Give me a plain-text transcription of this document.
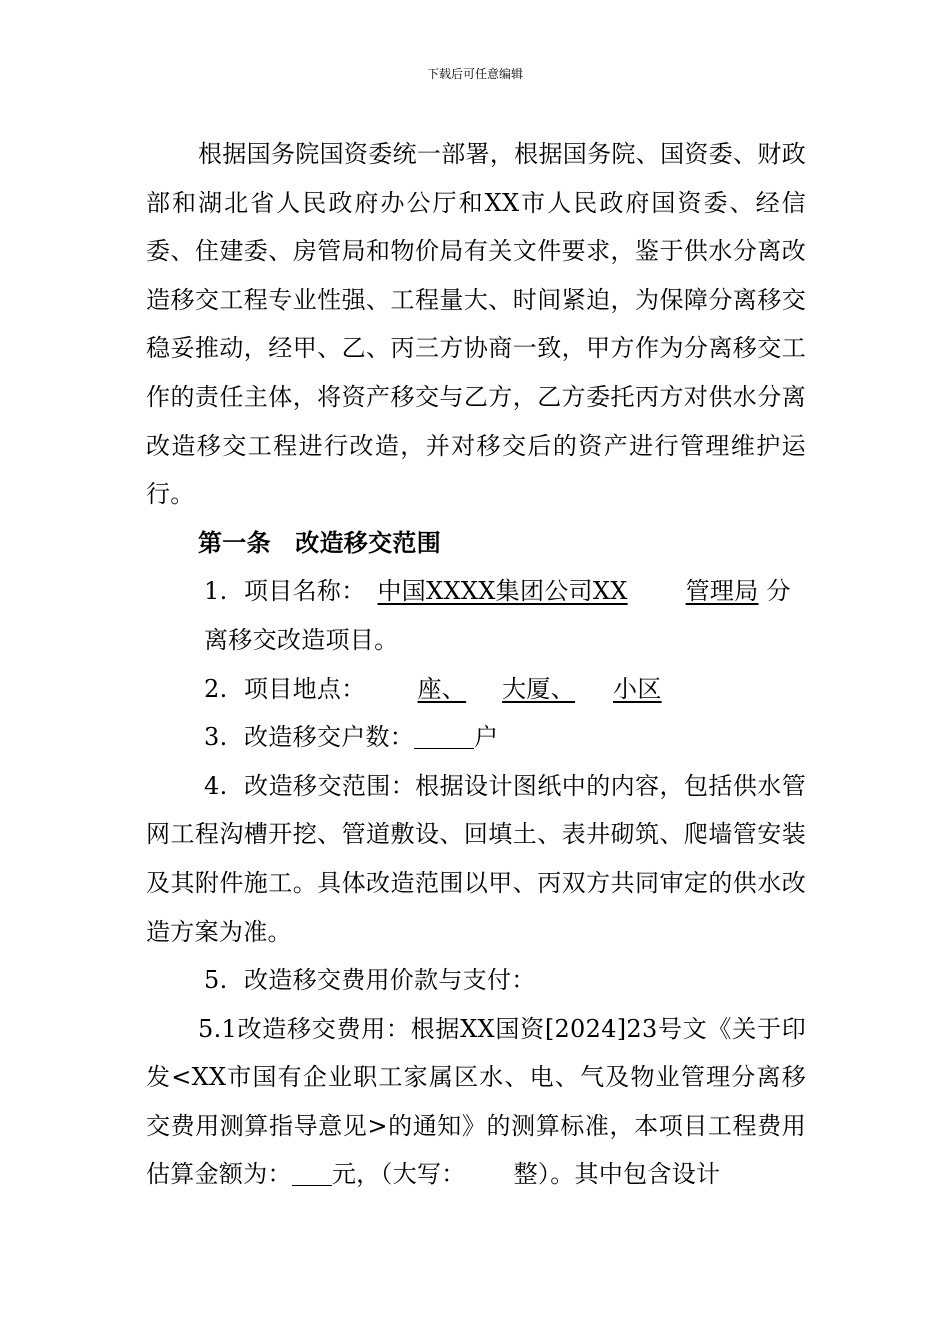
下载后可任意编辑

根据国务院国资委统一部署，根据国务院、国资委、财政部和湖北省人民政府办公厅和XX市人民政府国资委、经信委、住建委、房管局和物价局有关文件要求，鉴于供水分离改造移交工程专业性强、工程量大、时间紧迫，为保障分离移交稳妥推动，经甲、乙、丙三方协商一致，甲方作为分离移交工作的责任主体，将资产移交与乙方，乙方委托丙方对供水分离改造移交工程进行改造，并对移交后的资产进行管理维护运行。

第一条　改造移交范围

1. 项目名称： 中国XXXX集团公司XX 管理局 分离移交改造项目。

2. 项目地点： 座、 大厦、 小区

3. 改造移交户数：	户

4. 改造移交范围：根据设计图纸中的内容，包括供水管网工程沟槽开挖、管道敷设、回填土、表井砌筑、爬墙管安装及其附件施工。具体改造范围以甲、丙双方共同审定的供水改造方案为准。

5. 改造移交费用价款与支付：

5.1改造移交费用：根据XX国资[2024]23号文《关于印发<XX市国有企业职工家属区水、电、气及物业管理分离移交费用测算指导意见>的通知》的测算标准，本项目工程费用估算金额为： 元，（大写： 整）。其中包含设计
